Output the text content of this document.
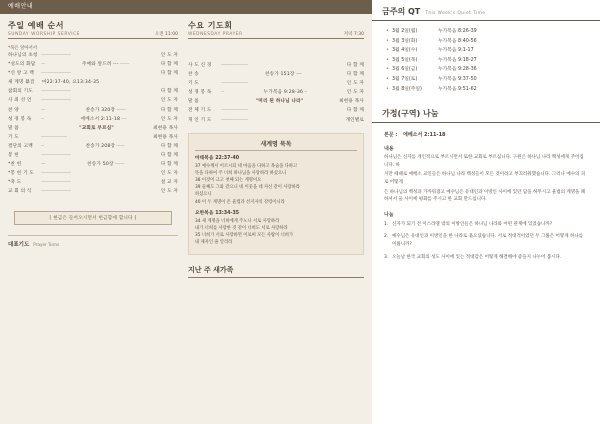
예배안내
주일 예배 순서
SUNDAY WORSHIP SERVICE	오전 11:00
*묵은 알아서서
하나님의 초청 ----------------------	인 도 자
*성도의 화답	---	주예와 앞드려 --- -------	다 함 께
*신 앙 고 백	----------------------	다 함 께
새 계명 暴音	마22:37-40, 요13:34-35
참회의 기도	----------------------	다 함 께
사 죄 선 언	----------------------	인 도 자
찬 양	---	찬송가 320장 -------	다 함 께
성 경 봉 독	--	에베소서 2:11-18 ----	인 도 자
말 씀	"교회로 부르심"	최현용 목사
기 도	-------------------	최현용 목사
결단의 고백	--	찬송가 208장 ------	다 함 께
봉 헌	----------------------	다 함 께
*찬 헌	---	찬송가 50장 -------	다 함 께
*봉 헌 기 도	----------------------	인 도 자
*축 도	----------------------	설 교 자
교 회 의 식	----------------------	인 도 자
[ 현금은 들어오시면서 헌금함에 합니다 ]
대표기도 Prayer Turns
수요 기도회
WEDNESDAY PRAYER	저녁 7:30
사 도 신 경	--------------------	다 함 께
찬 송	찬송가 151장 ---	다 함 께
기 도	--------------------	인 도 자
성 경 봉 독	--	누가복음 9:28-36 --	인 도 자
말 씀	"머리 된 하나님 나라"	최현용 목사
전 체 기 도	--------------------	다 함 께
개 인 기 도	--------------------	개인별로
새계명 묵독
마태복음 22:37-40
37 예수께서 이르시되 네 마음을 다하고 목숨을 다하고
뜻을 다하여 주 너희 하나님을 사랑하라 하셨으니
38 이것이 크고 첫째 되는 계명이요
39 둘째도 그와 같으니 네 이웃을 네 자신 같이 사랑하라
하셨으니
40 이 두 계명이 온 율법과 선지자의 강령이니라
요한복음 13:34-35
34 새 계명을 너희에게 주노니 서로 사랑하라
내가 너희를 사랑한 것 같이 너희도 서로 사랑하라
35 너희가 서로 사랑하면 이로써 모든 사람이 너희가
내 제자인 줄 알리라
지난 주 새가족
금주의 QT This Week's Quiet Time
• 3월 2일(월)	누가복음 8:26-39
• 3월 3일(화)	누가복음 8:40-56
• 3월 4일(수)	누가복음 9:1-17
• 3월 5일(목)	누가복음 9:18-27
• 3월 6일(금)	누가복음 9:28-36
• 3월 7일(토)	누가복음 9:37-50
• 3월 8일(주일)	누가복음 9:51-62
가정(구역) 나눔
본문 : 에베소서 2:11-18
내용
하나님은 신자를 개인적으로 부르시면서 또한 교회로 부르십니다. 구원은 하나님 나라 백성에게 주어집니다. 하
지만 때때로 예배소 교인들은 하나님 나라 백성들이 모든 것이라고 부끄러워했습니다. 그러나 예수의 피로 어떻게
든 하나님의 백성과 가까워졌고 예수님은 유대인과 이방인 사이에 있던 담을 허무시고 율법의 계명을 폐하셔서 둘 사이에 평화를 주시고 한 교회 만드십니다.
나눔
1. 신자가 되기 전 이스라엘 밖의 이방인들은 하나님 나라와 어떤 관계에 있었습니까?
2. 예수님은 유대인과 이방인을 한 나라로 묶으셨습니다. 서로 적대적이었던 두 그룹은 어떻게 하나를 이룹니까?
3. 오늘날 한국 교회의 성도 사이에 있는 적대감은 어떻게 해결해야 좋을지 나누어 봅시다.
